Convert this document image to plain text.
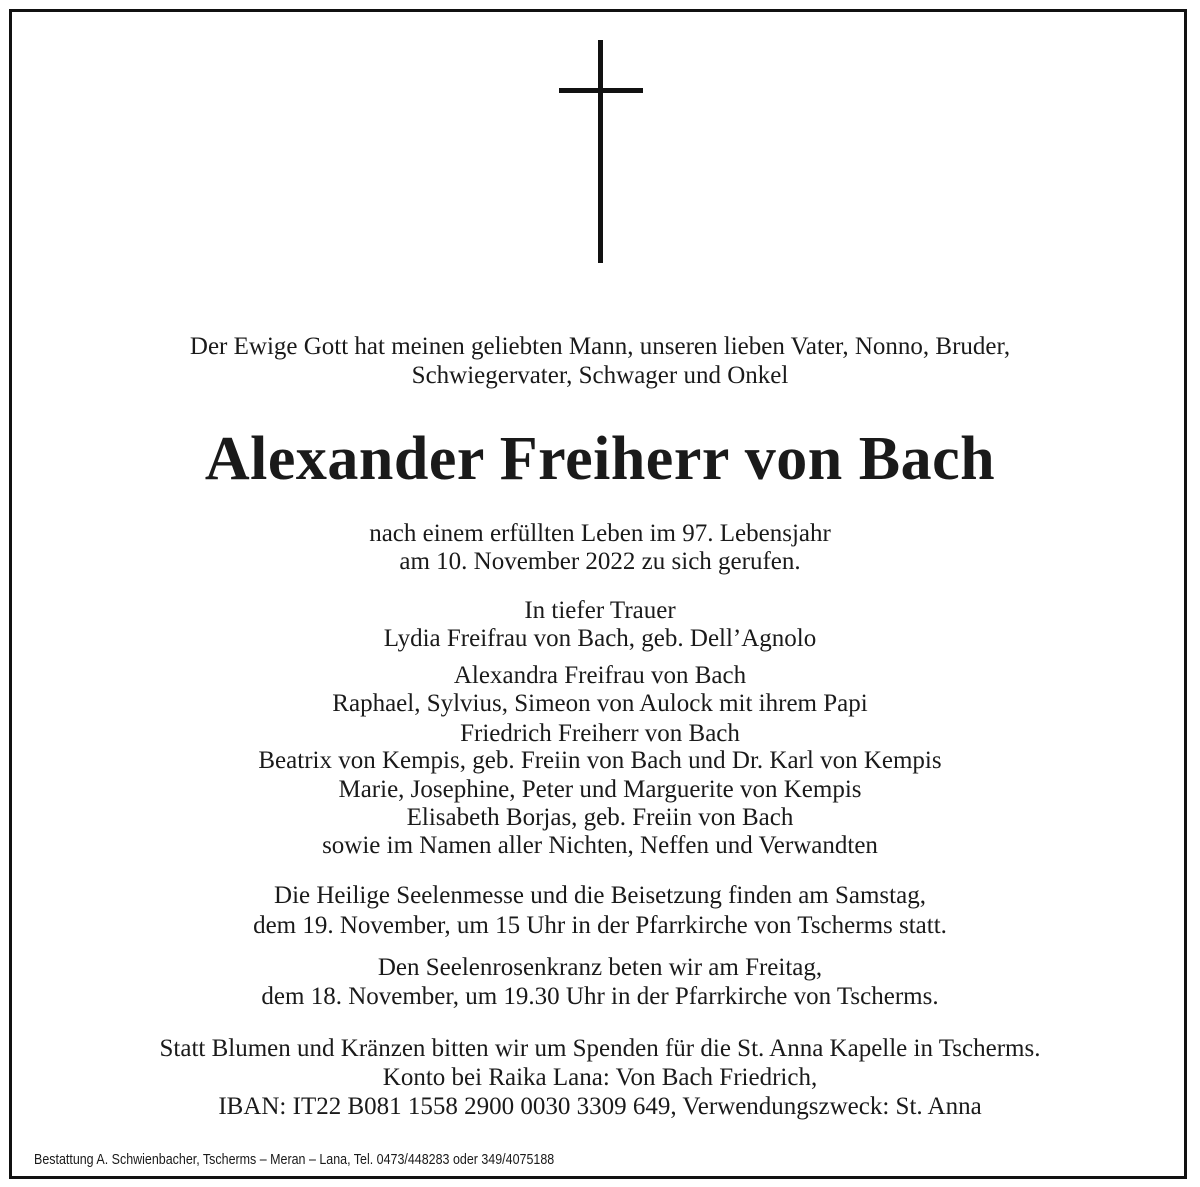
Der Ewige Gott hat meinen geliebten Mann, unseren lieben Vater, Nonno, Bruder,
Schwiegervater, Schwager und Onkel
Alexander Freiherr von Bach
nach einem erfüllten Leben im 97. Lebensjahr
am 10. November 2022 zu sich gerufen.
In tiefer Trauer
Lydia Freifrau von Bach, geb. Dell’Agnolo
Alexandra Freifrau von Bach
Raphael, Sylvius, Simeon von Aulock mit ihrem Papi
Friedrich Freiherr von Bach
Beatrix von Kempis, geb. Freiin von Bach und Dr. Karl von Kempis
Marie, Josephine, Peter und Marguerite von Kempis
Elisabeth Borjas, geb. Freiin von Bach
sowie im Namen aller Nichten, Neffen und Verwandten
Die Heilige Seelenmesse und die Beisetzung finden am Samstag,
dem 19. November, um 15 Uhr in der Pfarrkirche von Tscherms statt.
Den Seelenrosenkranz beten wir am Freitag,
dem 18. November, um 19.30 Uhr in der Pfarrkirche von Tscherms.
Statt Blumen und Kränzen bitten wir um Spenden für die St. Anna Kapelle in Tscherms.
Konto bei Raika Lana: Von Bach Friedrich,
IBAN: IT22 B081 1558 2900 0030 3309 649, Verwendungszweck: St. Anna
Bestattung A. Schwienbacher, Tscherms – Meran – Lana, Tel. 0473/448283 oder 349/4075188
